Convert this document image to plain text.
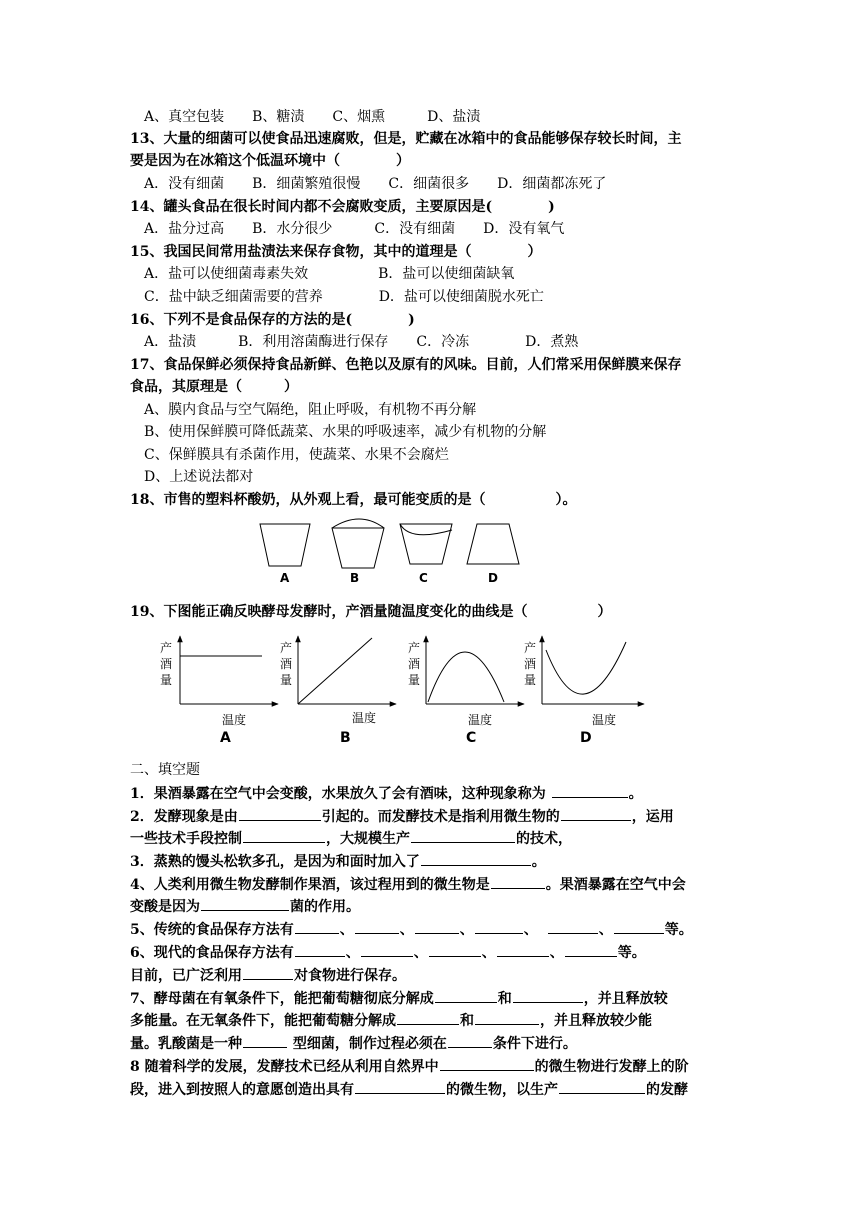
A、真空包装　　B、糖渍　　C、烟熏　　　D、盐渍
13、大量的细菌可以使食品迅速腐败，但是，贮藏在冰箱中的食品能够保存较长时间，主
要是因为在冰箱这个低温环境中（　　　　）
A．没有细菌　　B．细菌繁殖很慢　　C．细菌很多　　D．细菌都冻死了
14、罐头食品在很长时间内都不会腐败变质，主要原因是(　　　　)
A．盐分过高　　B．水分很少　　　C．没有细菌　　D．没有氧气
15、我国民间常用盐渍法来保存食物，其中的道理是（　　　　）
A．盐可以使细菌毒素失效　　　　　B．盐可以使细菌缺氧
C．盐中缺乏细菌需要的营养　　　　D．盐可以使细菌脱水死亡
16、下列不是食品保存的方法的是(　　　　)
A．盐渍　　　B．利用溶菌酶进行保存　　C．冷冻　　　　D．煮熟
17、食品保鲜必须保持食品新鲜、色艳以及原有的风味。目前，人们常采用保鲜膜来保存
食品，其原理是（　　　）
A、膜内食品与空气隔绝，阻止呼吸，有机物不再分解
B、使用保鲜膜可降低蔬菜、水果的呼吸速率，减少有机物的分解
C、保鲜膜具有杀菌作用，使蔬菜、水果不会腐烂
D、上述说法都对
18、市售的塑料杯酸奶，从外观上看，最可能变质的是（　　　　　）。
A	B	C	D
19、下图能正确反映酵母发酵时，产酒量随温度变化的曲线是（　　　　　）
产
酒
量
温度
A
产
酒
量
温度
B
产
酒
量
温度
C
产
酒
量
温度
D
二、填空题
1．果酒暴露在空气中会变酸，水果放久了会有酒味，这种现象称为	。
2．发酵现象是由	引起的。而发酵技术是指利用微生物的	，运用
一些技术手段控制	，大规模生产	的技术，
3．蒸熟的馒头松软多孔，是因为和面时加入了	。
4、人类利用微生物发酵制作果酒，该过程用到的微生物是	。果酒暴露在空气中会
变酸是因为	菌的作用。
5、传统的食品保存方法有	、	、	、	、	、	等。
6、现代的食品保存方法有	、	、	、	、	等。
目前，已广泛利用	对食物进行保存。
7、酵母菌在有氧条件下，能把葡萄糖彻底分解成	和	，并且释放较
多能量。在无氧条件下，能把葡萄糖分解成	和	，并且释放较少能
量。乳酸菌是一种	型细菌，制作过程必须在	条件下进行。
8 随着科学的发展，发酵技术已经从利用自然界中	的微生物进行发酵上的阶
段，进入到按照人的意愿创造出具有	的微生物，以生产	的发酵
